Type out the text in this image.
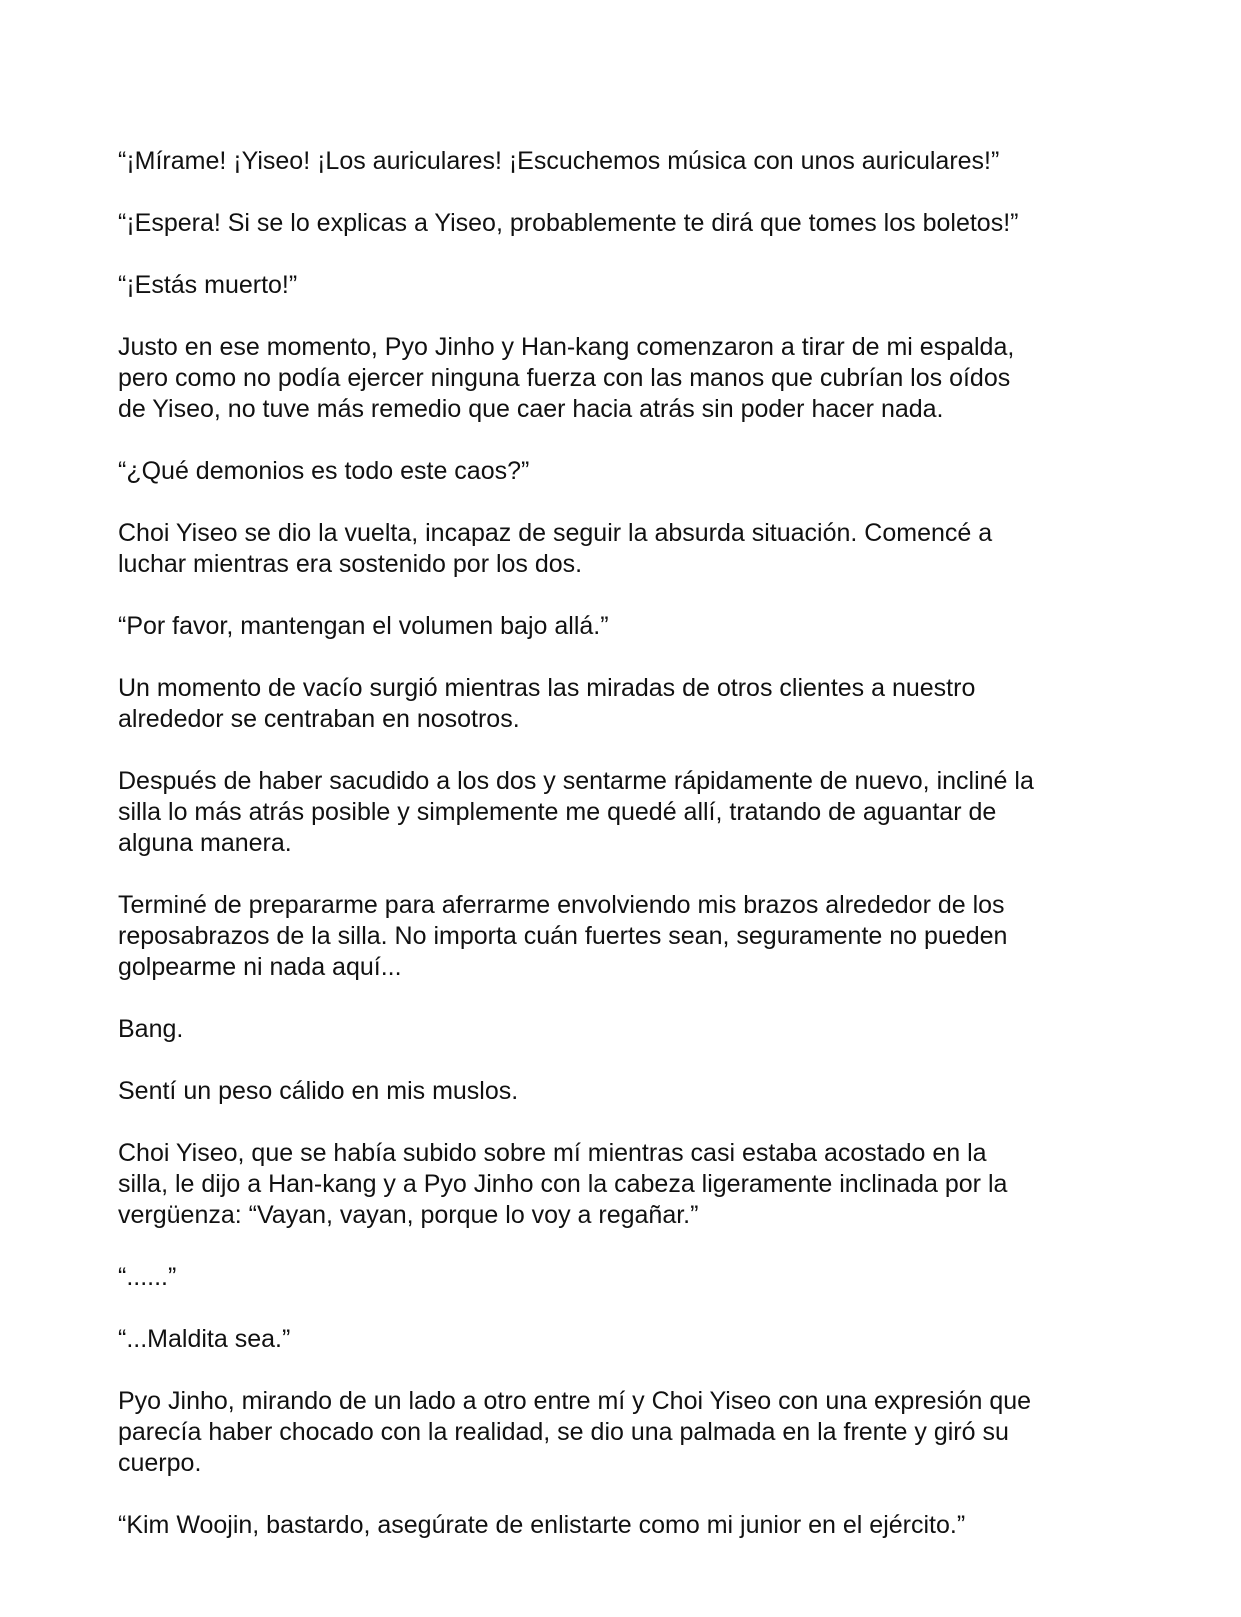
“¡Mírame! ¡Yiseo! ¡Los auriculares! ¡Escuchemos música con unos auriculares!”

“¡Espera! Si se lo explicas a Yiseo, probablemente te dirá que tomes los boletos!”

“¡Estás muerto!”

Justo en ese momento, Pyo Jinho y Han-kang comenzaron a tirar de mi espalda,
pero como no podía ejercer ninguna fuerza con las manos que cubrían los oídos
de Yiseo, no tuve más remedio que caer hacia atrás sin poder hacer nada.

“¿Qué demonios es todo este caos?”

Choi Yiseo se dio la vuelta, incapaz de seguir la absurda situación. Comencé a
luchar mientras era sostenido por los dos.

“Por favor, mantengan el volumen bajo allá.”

Un momento de vacío surgió mientras las miradas de otros clientes a nuestro
alrededor se centraban en nosotros.

Después de haber sacudido a los dos y sentarme rápidamente de nuevo, incliné la
silla lo más atrás posible y simplemente me quedé allí, tratando de aguantar de
alguna manera.

Terminé de prepararme para aferrarme envolviendo mis brazos alrededor de los
reposabrazos de la silla. No importa cuán fuertes sean, seguramente no pueden
golpearme ni nada aquí...

Bang.

Sentí un peso cálido en mis muslos.

Choi Yiseo, que se había subido sobre mí mientras casi estaba acostado en la
silla, le dijo a Han-kang y a Pyo Jinho con la cabeza ligeramente inclinada por la
vergüenza: “Vayan, vayan, porque lo voy a regañar.”

“......”

“...Maldita sea.”

Pyo Jinho, mirando de un lado a otro entre mí y Choi Yiseo con una expresión que
parecía haber chocado con la realidad, se dio una palmada en la frente y giró su
cuerpo.

“Kim Woojin, bastardo, asegúrate de enlistarte como mi junior en el ejército.”
